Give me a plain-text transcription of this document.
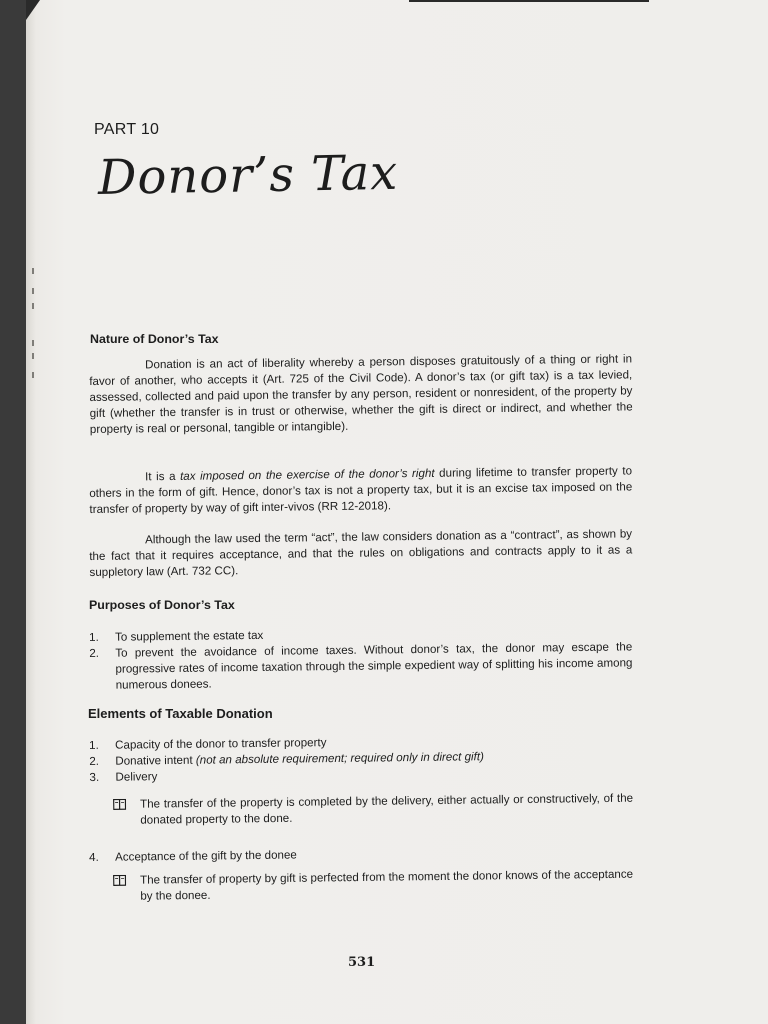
PART 10
Donor’s Tax
Nature of Donor’s Tax
Donation is an act of liberality whereby a person disposes gratuitously of a thing or right in favor of another, who accepts it (Art. 725 of the Civil Code). A donor’s tax (or gift tax) is a tax levied, assessed, collected and paid upon the transfer by any person, resident or nonresident, of the property by gift (whether the transfer is in trust or otherwise, whether the gift is direct or indirect, and whether the property is real or personal, tangible or intangible).
It is a tax imposed on the exercise of the donor’s right during lifetime to transfer property to others in the form of gift. Hence, donor’s tax is not a property tax, but it is an excise tax imposed on the transfer of property by way of gift inter-vivos (RR 12-2018).
Although the law used the term “act”, the law considers donation as a “contract”, as shown by the fact that it requires acceptance, and that the rules on obligations and contracts apply to it as a suppletory law (Art. 732 CC).
Purposes of Donor’s Tax
1.	To supplement the estate tax
2.	To prevent the avoidance of income taxes. Without donor’s tax, the donor may escape the progressive rates of income taxation through the simple expedient way of splitting his income among numerous donees.
Elements of Taxable Donation
1.	Capacity of the donor to transfer property
2.	Donative intent (not an absolute requirement; required only in direct gift)
3.	Delivery
The transfer of the property is completed by the delivery, either actually or constructively, of the donated property to the done.
4.	Acceptance of the gift by the donee
The transfer of property by gift is perfected from the moment the donor knows of the acceptance by the donee.
531
